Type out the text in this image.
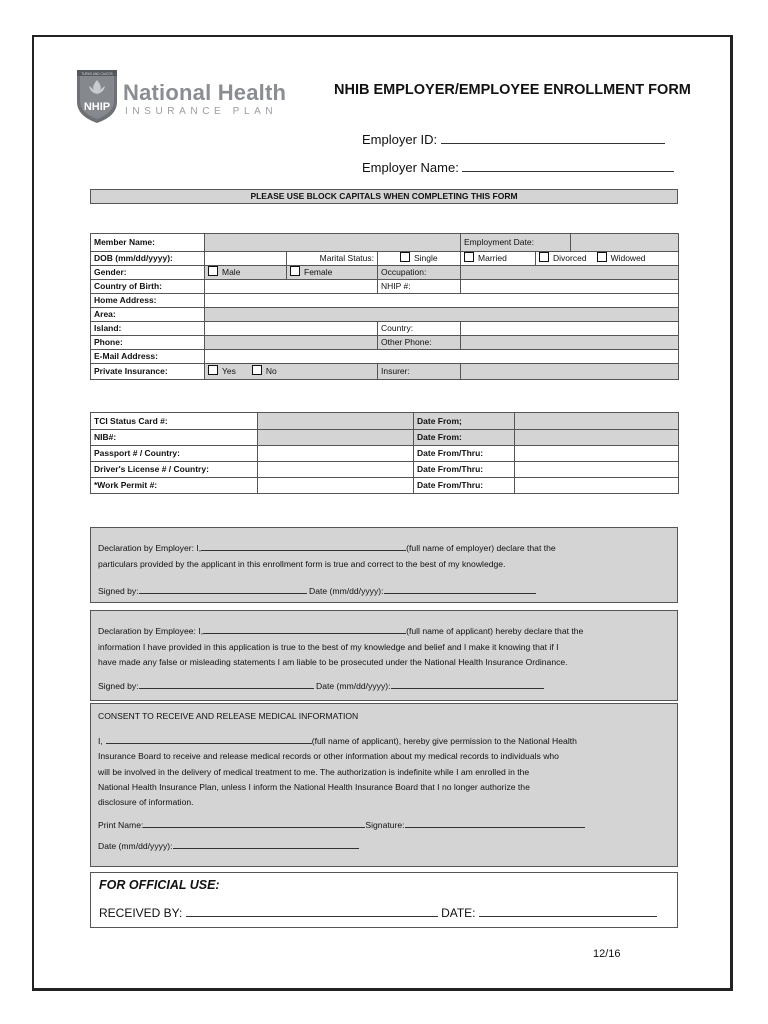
TURKS AND CAICOS
NHIP
National Health
INSURANCE PLAN
NHIB EMPLOYER/EMPLOYEE ENROLLMENT FORM
Employer ID:
Employer Name:
PLEASE USE BLOCK CAPITALS WHEN COMPLETING THIS FORM
Member Name:				Employment Date:		
DOB (mm/dd/yyyy):		Marital Status:	Single	Married	Divorced Widowed	
Gender:	Male	Female	Occupation:			
Country of Birth:			NHIP #:			
Home Address:						
Area:						
Island:			Country:			
Phone:			Other Phone:			
E-Mail Address:						
Private Insurance:	Yes No		Insurer:			
TCI Status Card #:		Date From;	
NIB#:		Date From:	
Passport # / Country:		Date From/Thru:	
Driver's License # / Country:		Date From/Thru:	
*Work Permit #:		Date From/Thru:	
Declaration by Employer: I,	(full name of employer) declare that the
particulars provided by the applicant in this enrollment form is true and correct to the best of my knowledge.
Signed by:	Date (mm/dd/yyyy):
Declaration by Employee: I,	(full name of applicant) hereby declare that the
information I have provided in this application is true to the best of my knowledge and belief and I make it knowing that if I
have made any false or misleading statements I am liable to be prosecuted under the National Health Insurance Ordinance.
Signed by:	Date (mm/dd/yyyy):
CONSENT TO RECEIVE AND RELEASE MEDICAL INFORMATION
I,	(full name of applicant), hereby give permission to the National Health
Insurance Board to receive and release medical records or other information about my medical records to individuals who
will be involved in the delivery of medical treatment to me. The authorization is indefinite while I am enrolled in the
National Health Insurance Plan, unless I inform the National Health Insurance Board that I no longer authorize the
disclosure of information.
Print Name:	Signature:
Date (mm/dd/yyyy):
FOR OFFICIAL USE:
RECEIVED BY:	DATE:
12/16
